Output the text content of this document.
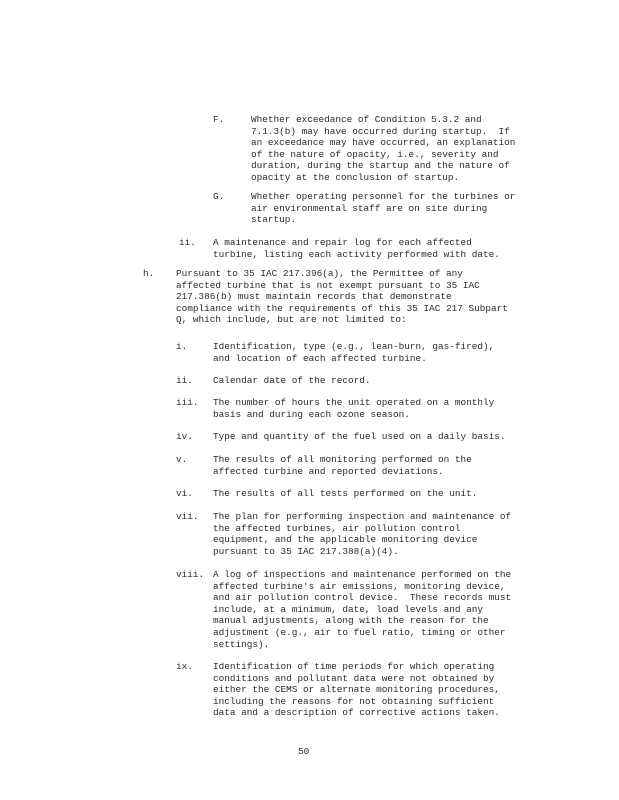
F.	Whether exceedance of Condition 5.3.2 and
7.1.3(b) may have occurred during startup.  If
an exceedance may have occurred, an explanation
of the nature of opacity, i.e., severity and
duration, during the startup and the nature of
opacity at the conclusion of startup.
G.	Whether operating personnel for the turbines or
air environmental staff are on site during
startup.
ii. A maintenance and repair log for each affected
turbine, listing each activity performed with date.
h. Pursuant to 35 IAC 217.396(a), the Permittee of any
affected turbine that is not exempt pursuant to 35 IAC
217.386(b) must maintain records that demonstrate
compliance with the requirements of this 35 IAC 217 Subpart
Q, which include, but are not limited to:
i.	Identification, type (e.g., lean-burn, gas-fired),
and location of each affected turbine.
ii. Calendar date of the record.
iii. The number of hours the unit operated on a monthly
basis and during each ozone season.
iv. Type and quantity of the fuel used on a daily basis.
v.	The results of all monitoring performed on the
affected turbine and reported deviations.
vi. The results of all tests performed on the unit.
vii. The plan for performing inspection and maintenance of
the affected turbines, air pollution control
equipment, and the applicable monitoring device
pursuant to 35 IAC 217.388(a)(4).
viii. A log of inspections and maintenance performed on the
affected turbine's air emissions, monitoring device,
and air pollution control device.  These records must
include, at a minimum, date, load levels and any
manual adjustments, along with the reason for the
adjustment (e.g., air to fuel ratio, timing or other
settings).
ix. Identification of time periods for which operating
conditions and pollutant data were not obtained by
either the CEMS or alternate monitoring procedures,
including the reasons for not obtaining sufficient
data and a description of corrective actions taken.
50
